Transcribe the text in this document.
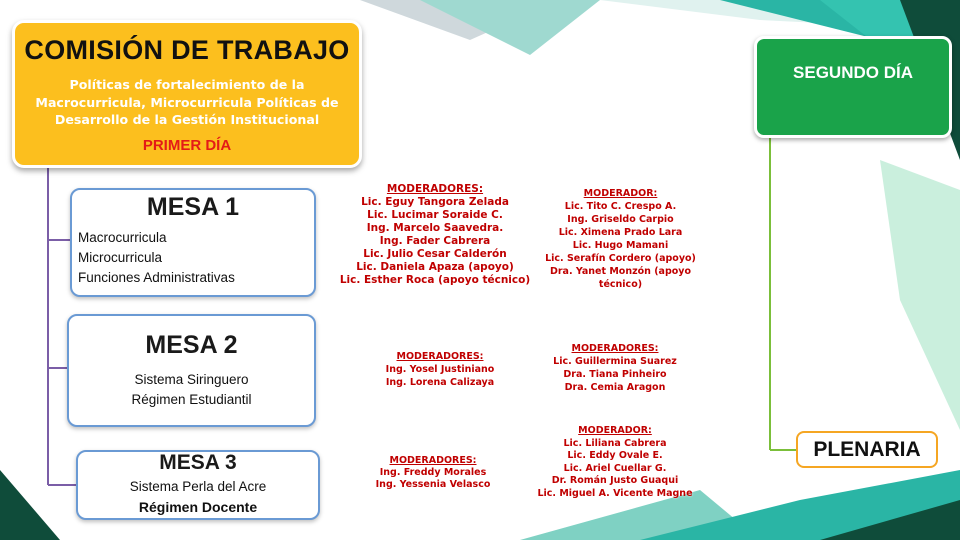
COMISIÓN DE TRABAJO
Políticas de fortalecimiento de la Macrocurricula, Microcurricula Políticas de Desarrollo de la Gestión Institucional
PRIMER DÍA
MESA 1
Macrocurricula
Microcurricula
Funciones Administrativas
MESA 2
Sistema Siringuero
Régimen Estudiantil
MESA 3
Sistema Perla del Acre
Régimen Docente
MODERADORES:
Lic. Eguy Tangora Zelada
Lic. Lucimar Soraide C.
Ing. Marcelo Saavedra.
Ing. Fader Cabrera
Lic. Julio Cesar Calderón
Lic. Daniela Apaza (apoyo)
Lic. Esther Roca (apoyo técnico)
MODERADOR:
Lic. Tito C. Crespo A.
Ing. Griseldo Carpio
Lic. Ximena Prado Lara
Lic. Hugo Mamani
Lic. Serafín Cordero (apoyo)
Dra. Yanet Monzón (apoyo
técnico)
MODERADORES:
Ing. Yosel Justiniano
Ing. Lorena Calizaya
MODERADORES:
Lic. Guillermina Suarez
Dra. Tiana Pinheiro
Dra. Cemia Aragon
MODERADORES:
Ing. Freddy Morales
Ing. Yessenia Velasco
MODERADOR:
Lic. Liliana Cabrera
Lic. Eddy Ovale E.
Lic. Ariel Cuellar G.
Dr. Román Justo Guaqui
Lic. Miguel A. Vicente Magne
SEGUNDO DÍA
PLENARIA
